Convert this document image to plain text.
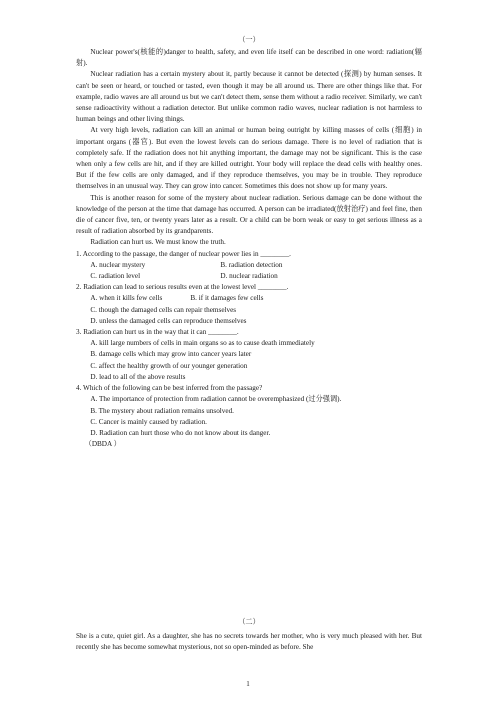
（一）
Nuclear power's(核能的)danger to health, safety, and even life itself can be described in one word: radiation(辐射).
Nuclear radiation has a certain mystery about it, partly because it cannot be detected (探测) by human senses. It can't be seen or heard, or touched or tasted, even though it may be all around us. There are other things like that. For example, radio waves are all around us but we can't detect them, sense them without a radio receiver. Similarly, we can't sense radioactivity without a radiation detector. But unlike common radio waves, nuclear radiation is not harmless to human beings and other living things.
At very high levels, radiation can kill an animal or human being outright by killing masses of cells (细胞) in important organs (器官). But even the lowest levels can do serious damage. There is no level of radiation that is completely safe. If the radiation does not hit anything important, the damage may not be significant. This is the case when only a few cells are hit, and if they are killed outright. Your body will replace the dead cells with healthy ones. But if the few cells are only damaged, and if they reproduce themselves, you may be in trouble. They reproduce themselves in an unusual way. They can grow into cancer. Sometimes this does not show up for many years.
This is another reason for some of the mystery about nuclear radiation. Serious damage can be done without the knowledge of the person at the time that damage has occurred. A person can be irradiated(放射治疗) and feel fine, then die of cancer five, ten, or twenty years later as a result. Or a child can be born weak or easy to get serious illness as a result of radiation absorbed by its grandparents.
Radiation can hurt us. We must know the truth.
1. According to the passage, the danger of nuclear power lies in ________.
A. nuclear mystery	B. radiation detection
C. radiation level	D. nuclear radiation
2. Radiation can lead to serious results even at the lowest level ________.
A. when it kills few cells	B. if it damages few cells
C. though the damaged cells can repair themselves
D. unless the damaged cells can reproduce themselves
3. Radiation can hurt us in the way that it can ________.
A. kill large numbers of cells in main organs so as to cause death immediately
B. damage cells which may grow into cancer years later
C. affect the healthy growth of our younger generation
D. lead to all of the above results
4. Which of the following can be best inferred from the passage?
A. The importance of protection from radiation cannot be overemphasized (过分强调).
B. The mystery about radiation remains unsolved.
C. Cancer is mainly caused by radiation.
D. Radiation can hurt those who do not know about its danger.
（DBDA ）
（二）
She is a cute, quiet girl. As a daughter, she has no secrets towards her mother, who is very much pleased with her. But recently she has become somewhat mysterious, not so open-minded as before. She
1
